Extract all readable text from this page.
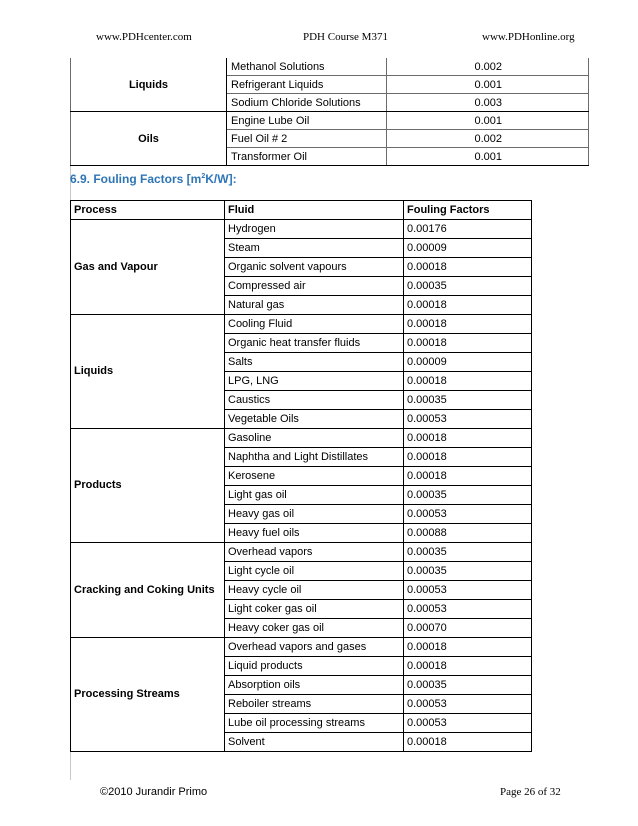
www.PDHcenter.com	PDH Course M371	www.PDHonline.org
Liquids	Methanol Solutions	0.002
	Refrigerant Liquids	0.001
	Sodium Chloride Solutions	0.003
Oils	Engine Lube Oil	0.001
	Fuel Oil # 2	0.002
	Transformer Oil	0.001
6.9. Fouling Factors $[m^2K/W]$:
Process	Fluid	Fouling Factors
Gas and Vapour	Hydrogen	0.00176
	Steam	0.00009
	Organic solvent vapours	0.00018
	Compressed air	0.00035
	Natural gas	0.00018
Liquids	Cooling Fluid	0.00018
	Organic heat transfer fluids	0.00018
	Salts	0.00009
	LPG, LNG	0.00018
	Caustics	0.00035
	Vegetable Oils	0.00053
Products	Gasoline	0.00018
	Naphtha and Light Distillates	0.00018
	Kerosene	0.00018
	Light gas oil	0.00035
	Heavy gas oil	0.00053
	Heavy fuel oils	0.00088
Cracking and Coking Units	Overhead vapors	0.00035
	Light cycle oil	0.00035
	Heavy cycle oil	0.00053
	Light coker gas oil	0.00053
	Heavy coker gas oil	0.00070
Processing Streams	Overhead vapors and gases	0.00018
	Liquid products	0.00018
	Absorption oils	0.00035
	Reboiler streams	0.00053
	Lube oil processing streams	0.00053
	Solvent	0.00018
©2010 Jurandir Primo	Page 26 of 32
